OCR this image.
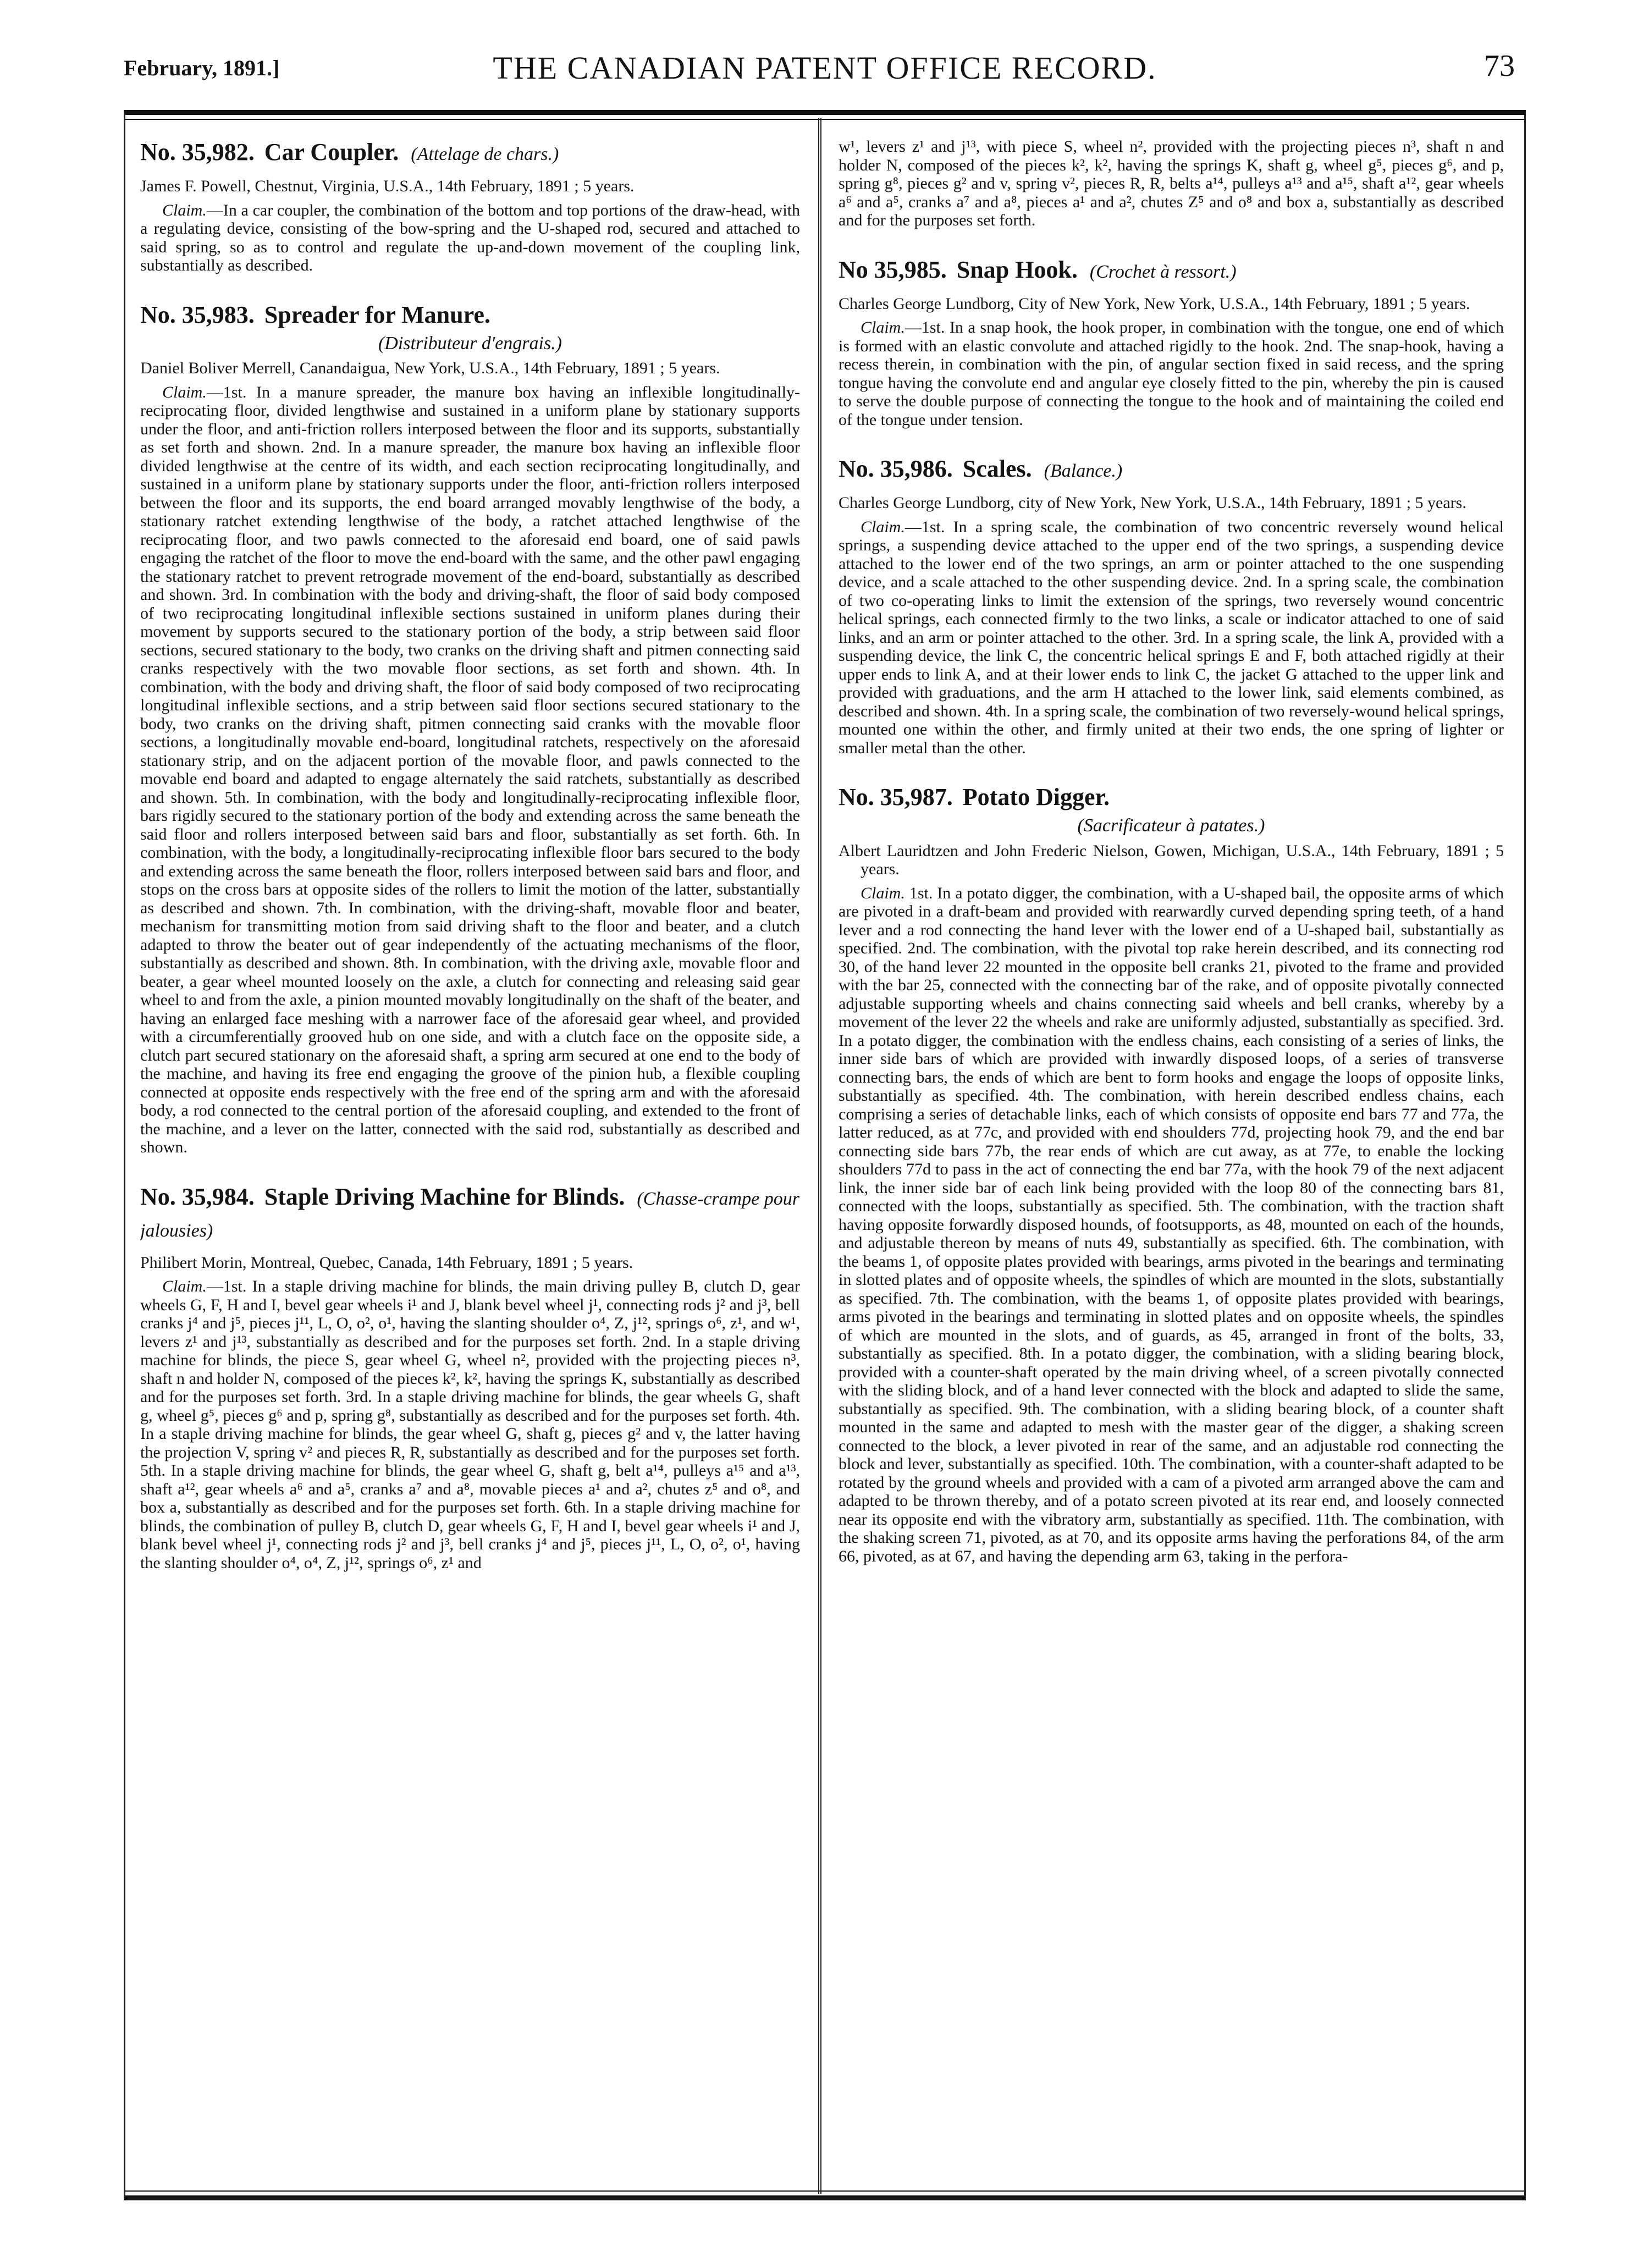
February, 1891.]	THE CANADIAN PATENT OFFICE RECORD.	73
No. 35,982. Car Coupler. (Attelage de chars.)

James F. Powell, Chestnut, Virginia, U.S.A., 14th February, 1891 ; 5 years.

Claim.—In a car coupler, the combination of the bottom and top portions of the draw-head, with a regulating device, consisting of the bow-spring and the U-shaped rod, secured and attached to said spring, so as to control and regulate the up-and-down movement of the coupling link, substantially as described.

No. 35,983. Spreader for Manure.
(Distributeur d'engrais.)

Daniel Boliver Merrell, Canandaigua, New York, U.S.A., 14th February, 1891 ; 5 years.

Claim.—1st. In a manure spreader, the manure box having an inflexible longitudinally-reciprocating floor, divided lengthwise and sustained in a uniform plane by stationary supports under the floor, and anti-friction rollers interposed between the floor and its supports, substantially as set forth and shown. 2nd. In a manure spreader, the manure box having an inflexible floor divided lengthwise at the centre of its width, and each section reciprocating longitudinally, and sustained in a uniform plane by stationary supports under the floor, anti-friction rollers interposed between the floor and its supports, the end board arranged movably lengthwise of the body, a stationary ratchet extending lengthwise of the body, a ratchet attached lengthwise of the reciprocating floor, and two pawls connected to the aforesaid end board, one of said pawls engaging the ratchet of the floor to move the end-board with the same, and the other pawl engaging the stationary ratchet to prevent retrograde movement of the end-board, substantially as described and shown. 3rd. In combination with the body and driving-shaft, the floor of said body composed of two reciprocating longitudinal inflexible sections sustained in uniform planes during their movement by supports secured to the stationary portion of the body, a strip between said floor sections, secured stationary to the body, two cranks on the driving shaft and pitmen connecting said cranks respectively with the two movable floor sections, as set forth and shown. 4th. In combination, with the body and driving shaft, the floor of said body composed of two reciprocating longitudinal inflexible sections, and a strip between said floor sections secured stationary to the body, two cranks on the driving shaft, pitmen connecting said cranks with the movable floor sections, a longitudinally movable end-board, longitudinal ratchets, respectively on the aforesaid stationary strip, and on the adjacent portion of the movable floor, and pawls connected to the movable end board and adapted to engage alternately the said ratchets, substantially as described and shown. 5th. In combination, with the body and longitudinally-reciprocating inflexible floor, bars rigidly secured to the stationary portion of the body and extending across the same beneath the said floor and rollers interposed between said bars and floor, substantially as set forth. 6th. In combination, with the body, a longitudinally-reciprocating inflexible floor bars secured to the body and extending across the same beneath the floor, rollers interposed between said bars and floor, and stops on the cross bars at opposite sides of the rollers to limit the motion of the latter, substantially as described and shown. 7th. In combination, with the driving-shaft, movable floor and beater, mechanism for transmitting motion from said driving shaft to the floor and beater, and a clutch adapted to throw the beater out of gear independently of the actuating mechanisms of the floor, substantially as described and shown. 8th. In combination, with the driving axle, movable floor and beater, a gear wheel mounted loosely on the axle, a clutch for connecting and releasing said gear wheel to and from the axle, a pinion mounted movably longitudinally on the shaft of the beater, and having an enlarged face meshing with a narrower face of the aforesaid gear wheel, and provided with a circumferentially grooved hub on one side, and with a clutch face on the opposite side, a clutch part secured stationary on the aforesaid shaft, a spring arm secured at one end to the body of the machine, and having its free end engaging the groove of the pinion hub, a flexible coupling connected at opposite ends respectively with the free end of the spring arm and with the aforesaid body, a rod connected to the central portion of the aforesaid coupling, and extended to the front of the machine, and a lever on the latter, connected with the said rod, substantially as described and shown.

No. 35,984. Staple Driving Machine for Blinds. (Chasse-crampe pour jalousies)

Philibert Morin, Montreal, Quebec, Canada, 14th February, 1891 ; 5 years.

Claim.—1st. In a staple driving machine for blinds, the main driving pulley B, clutch D, gear wheels G, F, H and I, bevel gear wheels i¹ and J, blank bevel wheel j¹, connecting rods j² and j³, bell cranks j⁴ and j⁵, pieces j¹¹, L, O, o², o¹, having the slanting shoulder o⁴, Z, j¹², springs o⁶, z¹, and w¹, levers z¹ and j¹³, substantially as described and for the purposes set forth. 2nd. In a staple driving machine for blinds, the piece S, gear wheel G, wheel n², provided with the projecting pieces n³, shaft n and holder N, composed of the pieces k², k², having the springs K, substantially as described and for the purposes set forth. 3rd. In a staple driving machine for blinds, the gear wheels G, shaft g, wheel g⁵, pieces g⁶ and p, spring g⁸, substantially as described and for the purposes set forth. 4th. In a staple driving machine for blinds, the gear wheel G, shaft g, pieces g² and v, the latter having the projection V, spring v² and pieces R, R, substantially as described and for the purposes set forth. 5th. In a staple driving machine for blinds, the gear wheel G, shaft g, belt a¹⁴, pulleys a¹⁵ and a¹³, shaft a¹², gear wheels a⁶ and a⁵, cranks a⁷ and a⁸, movable pieces a¹ and a², chutes z⁵ and o⁸, and box a, substantially as described and for the purposes set forth. 6th. In a staple driving machine for blinds, the combination of pulley B, clutch D, gear wheels G, F, H and I, bevel gear wheels i¹ and J, blank bevel wheel j¹, connecting rods j² and j³, bell cranks j⁴ and j⁵, pieces j¹¹, L, O, o², o¹, having the slanting shoulder o⁴, o⁴, Z, j¹², springs o⁶, z¹ and

w¹, levers z¹ and j¹³, with piece S, wheel n², provided with the projecting pieces n³, shaft n and holder N, composed of the pieces k², k², having the springs K, shaft g, wheel g⁵, pieces g⁶, and p, spring g⁸, pieces g² and v, spring v², pieces R, R, belts a¹⁴, pulleys a¹³ and a¹⁵, shaft a¹², gear wheels a⁶ and a⁵, cranks a⁷ and a⁸, pieces a¹ and a², chutes Z⁵ and o⁸ and box a, substantially as described and for the purposes set forth.

No 35,985. Snap Hook. (Crochet à ressort.)

Charles George Lundborg, City of New York, New York, U.S.A., 14th February, 1891 ; 5 years.

Claim.—1st. In a snap hook, the hook proper, in combination with the tongue, one end of which is formed with an elastic convolute and attached rigidly to the hook. 2nd. The snap-hook, having a recess therein, in combination with the pin, of angular section fixed in said recess, and the spring tongue having the convolute end and angular eye closely fitted to the pin, whereby the pin is caused to serve the double purpose of connecting the tongue to the hook and of maintaining the coiled end of the tongue under tension.

No. 35,986. Scales. (Balance.)

Charles George Lundborg, city of New York, New York, U.S.A., 14th February, 1891 ; 5 years.

Claim.—1st. In a spring scale, the combination of two concentric reversely wound helical springs, a suspending device attached to the upper end of the two springs, a suspending device attached to the lower end of the two springs, an arm or pointer attached to the one suspending device, and a scale attached to the other suspending device. 2nd. In a spring scale, the combination of two co-operating links to limit the extension of the springs, two reversely wound concentric helical springs, each connected firmly to the two links, a scale or indicator attached to one of said links, and an arm or pointer attached to the other. 3rd. In a spring scale, the link A, provided with a suspending device, the link C, the concentric helical springs E and F, both attached rigidly at their upper ends to link A, and at their lower ends to link C, the jacket G attached to the upper link and provided with graduations, and the arm H attached to the lower link, said elements combined, as described and shown. 4th. In a spring scale, the combination of two reversely-wound helical springs, mounted one within the other, and firmly united at their two ends, the one spring of lighter or smaller metal than the other.

No. 35,987. Potato Digger.
(Sacrificateur à patates.)

Albert Lauridtzen and John Frederic Nielson, Gowen, Michigan, U.S.A., 14th February, 1891 ; 5 years.

Claim. 1st. In a potato digger, the combination, with a U-shaped bail, the opposite arms of which are pivoted in a draft-beam and provided with rearwardly curved depending spring teeth, of a hand lever and a rod connecting the hand lever with the lower end of a U-shaped bail, substantially as specified. 2nd. The combination, with the pivotal top rake herein described, and its connecting rod 30, of the hand lever 22 mounted in the opposite bell cranks 21, pivoted to the frame and provided with the bar 25, connected with the connecting bar of the rake, and of opposite pivotally connected adjustable supporting wheels and chains connecting said wheels and bell cranks, whereby by a movement of the lever 22 the wheels and rake are uniformly adjusted, substantially as specified. 3rd. In a potato digger, the combination with the endless chains, each consisting of a series of links, the inner side bars of which are provided with inwardly disposed loops, of a series of transverse connecting bars, the ends of which are bent to form hooks and engage the loops of opposite links, substantially as specified. 4th. The combination, with herein described endless chains, each comprising a series of detachable links, each of which consists of opposite end bars 77 and 77a, the latter reduced, as at 77c, and provided with end shoulders 77d, projecting hook 79, and the end bar connecting side bars 77b, the rear ends of which are cut away, as at 77e, to enable the locking shoulders 77d to pass in the act of connecting the end bar 77a, with the hook 79 of the next adjacent link, the inner side bar of each link being provided with the loop 80 of the connecting bars 81, connected with the loops, substantially as specified. 5th. The combination, with the traction shaft having opposite forwardly disposed hounds, of footsupports, as 48, mounted on each of the hounds, and adjustable thereon by means of nuts 49, substantially as specified. 6th. The combination, with the beams 1, of opposite plates provided with bearings, arms pivoted in the bearings and terminating in slotted plates and of opposite wheels, the spindles of which are mounted in the slots, substantially as specified. 7th. The combination, with the beams 1, of opposite plates provided with bearings, arms pivoted in the bearings and terminating in slotted plates and on opposite wheels, the spindles of which are mounted in the slots, and of guards, as 45, arranged in front of the bolts, 33, substantially as specified. 8th. In a potato digger, the combination, with a sliding bearing block, provided with a counter-shaft operated by the main driving wheel, of a screen pivotally connected with the sliding block, and of a hand lever connected with the block and adapted to slide the same, substantially as specified. 9th. The combination, with a sliding bearing block, of a counter shaft mounted in the same and adapted to mesh with the master gear of the digger, a shaking screen connected to the block, a lever pivoted in rear of the same, and an adjustable rod connecting the block and lever, substantially as specified. 10th. The combination, with a counter-shaft adapted to be rotated by the ground wheels and provided with a cam of a pivoted arm arranged above the cam and adapted to be thrown thereby, and of a potato screen pivoted at its rear end, and loosely connected near its opposite end with the vibratory arm, substantially as specified. 11th. The combination, with the shaking screen 71, pivoted, as at 70, and its opposite arms having the perforations 84, of the arm 66, pivoted, as at 67, and having the depending arm 63, taking in the perfora-
